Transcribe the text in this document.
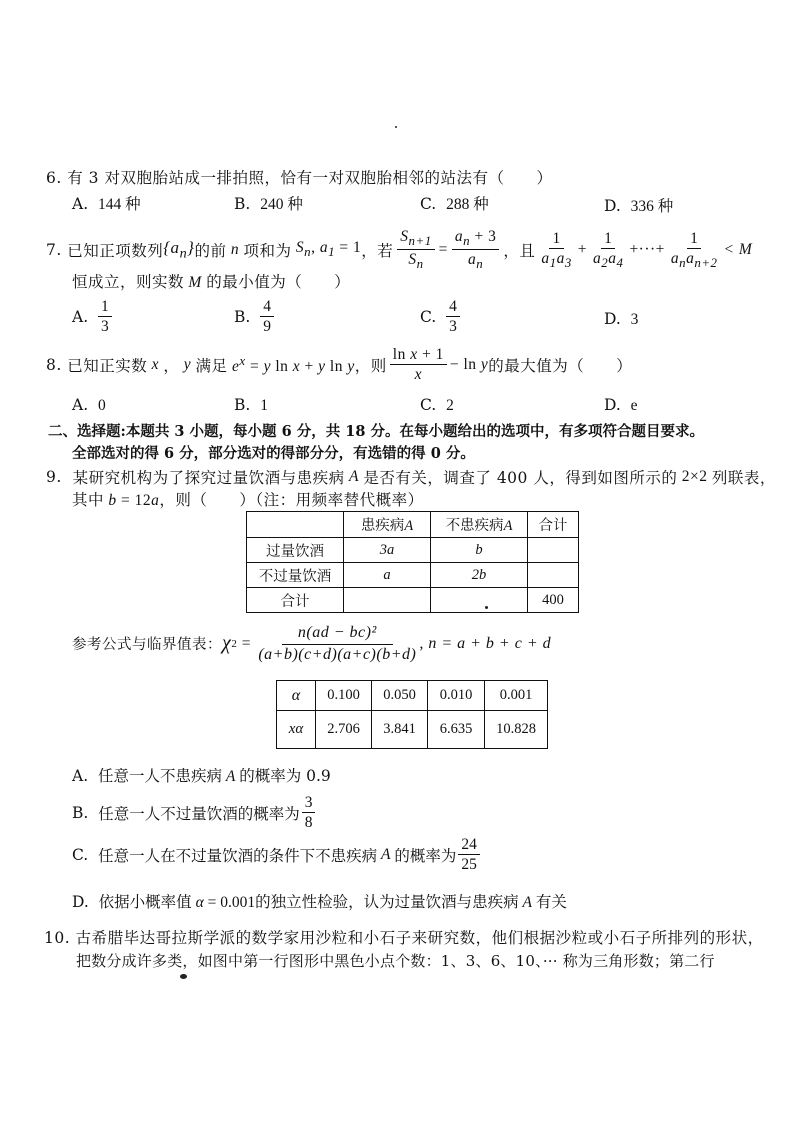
6. 有 3 对双胞胎站成一排拍照，恰有一对双胞胎相邻的站法有（　　）
A. 144 种	B. 240 种	C. 288 种	D. 336 种
7.
已知正项数列 $\{a_n\}$ 的前 n 项和为 $S_n$, $a_1 = 1$ ，若 $\frac{S_{n+1}}{S_n} = \frac{a_n + 3}{a_n}$ ，且 $\frac{1}{a_1a_3} + \frac{1}{a_2a_4}$ +···+ $\frac{1}{a_na_{n+2}} < M$
恒成立，则实数 M 的最小值为（　　）
A.
$\frac{1}{3}$	B.
$\frac{4}{9}$	C.
$\frac{4}{3}$	D. 3
8.
已知正实数 x ， y 满足 $e^x = y$ ln x + y ln y ，则 $\frac{\text{ln x + 1}}{x} - \ln y$ 的最大值为（　　）
A. 0	B. 1	C. 2	D. e
二、选择题:本题共 3 小题，每小题 6 分，共 18 分。在每小题给出的选项中，有多项符合题目要求。
全部选对的得 6 分，部分选对的得部分分，有选错的得 0 分。
9.
某研究机构为了探究过量饮酒与患疾病 A 是否有关，调查了 400 人，得到如图所示的 2×2 列联表，
其中 b = 12a，则（　　）（注：用频率替代概率）
	患疾病A	不患疾病A	合计
过量饮酒	3a	b	
不过量饮酒	a	2b	
合计			400
参考公式与临界值表： χ $2 = \frac{\text{n(ad − bc)²}}{(a+b)(c+d)(a+c)(b+d)}$ , n = a + b + c + d
α	0.100	0.050	0.010	0.001
xα	2.706	3.841	6.635	10.828
A. 任意一人不患疾病 A 的概率为 0.9
B.
任意一人不过量饮酒的概率为 $\frac{3}{8}$
C.
任意一人在不过量饮酒的条件下不患疾病 A 的概率为 $\frac{24}{25}$
D. 依据小概率值 α = 0.001的独立性检验，认为过量饮酒与患疾病 A 有关
10. 古希腊毕达哥拉斯学派的数学家用沙粒和小石子来研究数，他们根据沙粒或小石子所排列的形状，
把数分成许多类，如图中第一行图形中黑色小点个数：1、3、6、10、··· 称为三角形数；第二行
